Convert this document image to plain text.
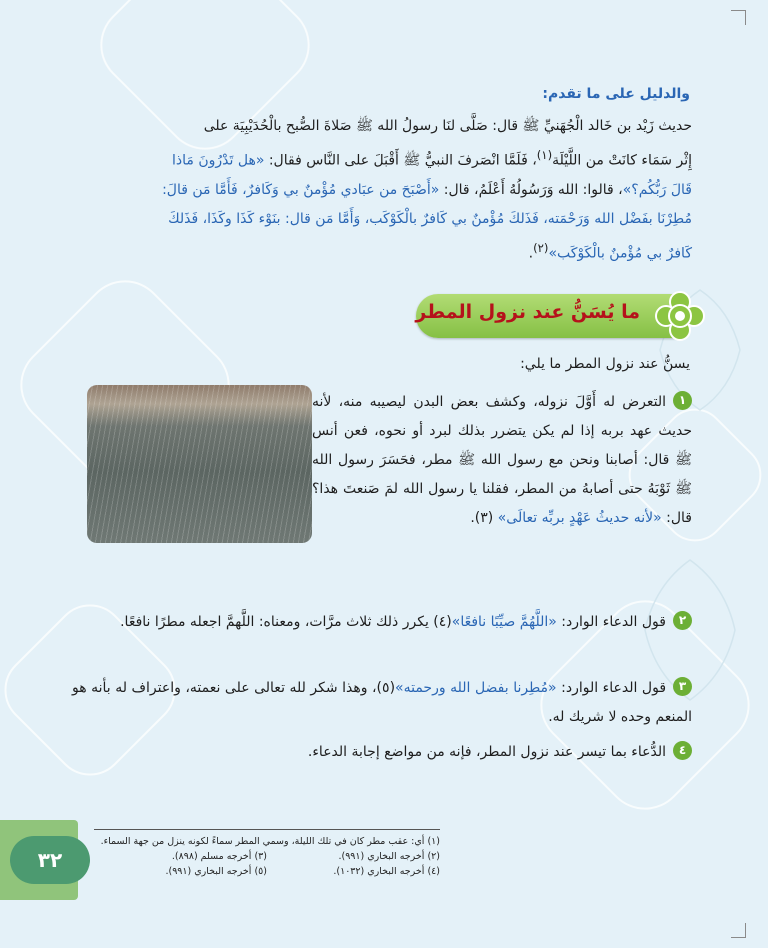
والدليل على ما تقدم:
حديث زَيْد بن خَالد الْجُهَنيِّ ﷺ قال: صَلَّى لنَا رسولُ الله ﷺ صَلاةَ الصُّبح بالْحُدَيْبِيَة على
إِثْر سَمَاء كانَتْ من اللَّيْلَة$^{(١)}$، فَلَمَّا انْصَرفَ النبيُّ ﷺ أَقْبَلَ على النَّاس فقال: «هل تَدْرُونَ مَاذا
قَالَ رَبُّكُم؟»، قالوا: الله وَرَسُولُهُ أَعْلَمُ، قال: «أَصْبَحَ من عبَادي مُؤْمنٌ بي وَكَافرٌ، فَأَمَّا مَن قالَ:
مُطِرْنَا بفَضْل الله وَرَحْمَته، فَذَلكَ مُؤْمنٌ بي كَافرٌ بالْكَوْكَب، وَأَمَّا مَن قال: بنَوْء كَذَا وكَذَا، فَذَلكَ
كَافرٌ بي مُؤْمنٌ بالْكَوْكَب»$^{(٢)}$.
ما يُسَنُّ عند نزول المطر
يسنُّ عند نزول المطر ما يلي:
١التعرض له أَوَّلَ نزوله، وكشف بعض البدن ليصيبه منه، لأنه حديث عهد بربه إذا لم يكن يتضرر بذلك لبرد أو نحوه، فعن أنس ﷺ قال: أصابنا ونحن مع رسول الله ﷺ مطر، فحَسَرَ رسول الله ﷺ ثَوْبَهُ حتى أصابهُ من المطر، فقلنا يا رسول الله لمَ صَنعتَ هذا؟ قال: «لأنه حديثُ عَهْدٍ بربِّه تعالَى» (٣).
٢قول الدعاء الوارد: «اللَّهُمَّ صيِّبًا نافعًا»(٤) يكرر ذلك ثلاث مرَّات، ومعناه: اللَّهمَّ اجعله مطرًا نافعًا.
٣قول الدعاء الوارد: «مُطِرنا بفضل الله ورحمته»(٥)، وهذا شكر لله تعالى على نعمته، واعتراف له بأنه هو المنعم وحده لا شريك له.
٤الدُّعاء بما تيسر عند نزول المطر، فإنه من مواضع إجابة الدعاء.
(١) أي: عقب مطر كان في تلك الليلة، وسمي المطر سماءً لكونه ينزل من جهة السماء.
(٢) أخرجه البخاري (٩٩١).
(٣) أخرجه مسلم (٨٩٨).
(٤) أخرجه البخاري (١٠٣٢).
(٥) أخرجه البخاري (٩٩١).
٣٢
